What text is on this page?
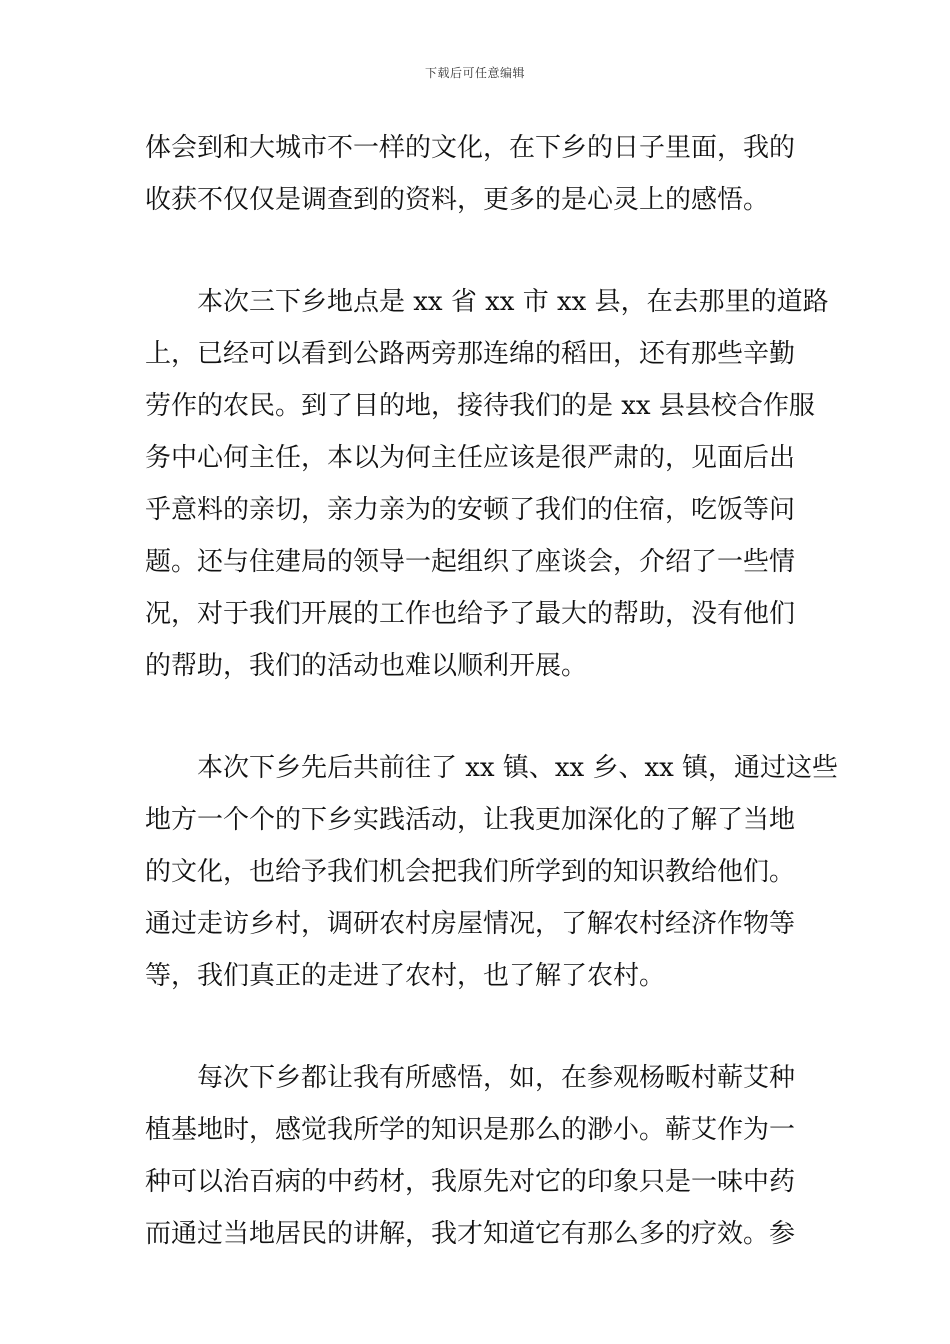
下载后可任意编辑
体会到和大城市不一样的文化，在下乡的日子里面，我的
收获不仅仅是调查到的资料，更多的是心灵上的感悟。
本次三下乡地点是 xx 省 xx 市 xx 县，在去那里的道路
上，已经可以看到公路两旁那连绵的稻田，还有那些辛勤
劳作的农民。到了目的地，接待我们的是 xx 县县校合作服
务中心何主任，本以为何主任应该是很严肃的，见面后出
乎意料的亲切，亲力亲为的安顿了我们的住宿，吃饭等问
题。还与住建局的领导一起组织了座谈会，介绍了一些情
况，对于我们开展的工作也给予了最大的帮助，没有他们
的帮助，我们的活动也难以顺利开展。
本次下乡先后共前往了 xx 镇、xx 乡、xx 镇，通过这些
地方一个个的下乡实践活动，让我更加深化的了解了当地
的文化，也给予我们机会把我们所学到的知识教给他们。
通过走访乡村，调研农村房屋情况，了解农村经济作物等
等，我们真正的走进了农村，也了解了农村。
每次下乡都让我有所感悟，如，在参观杨畈村蕲艾种
植基地时，感觉我所学的知识是那么的渺小。蕲艾作为一
种可以治百病的中药材，我原先对它的印象只是一味中药
而通过当地居民的讲解，我才知道它有那么多的疗效。参
